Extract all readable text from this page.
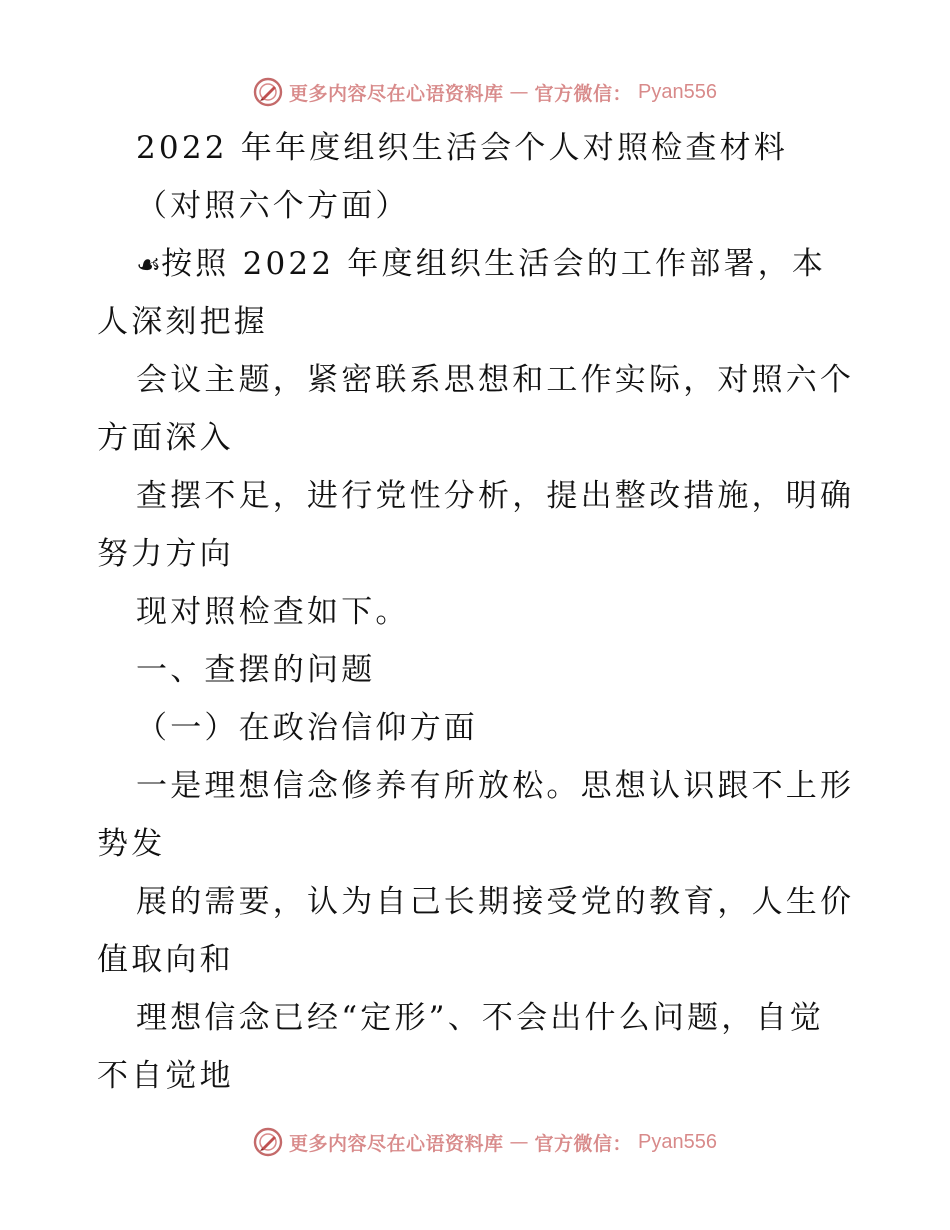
更多内容尽在心语资料库 — 官方微信： Pyan556
2022 年年度组织生活会个人对照检查材料
（对照六个方面）
☙按照 2022 年度组织生活会的工作部署，本
人深刻把握
会议主题，紧密联系思想和工作实际，对照六个
方面深入
查摆不足，进行党性分析，提出整改措施，明确
努力方向
现对照检查如下。
一、查摆的问题
（一）在政治信仰方面
一是理想信念修养有所放松。思想认识跟不上形
势发
展的需要，认为自己长期接受党的教育，人生价
值取向和
理想信念已经“定形”、不会出什么问题，自觉
不自觉地
更多内容尽在心语资料库 — 官方微信： Pyan556
